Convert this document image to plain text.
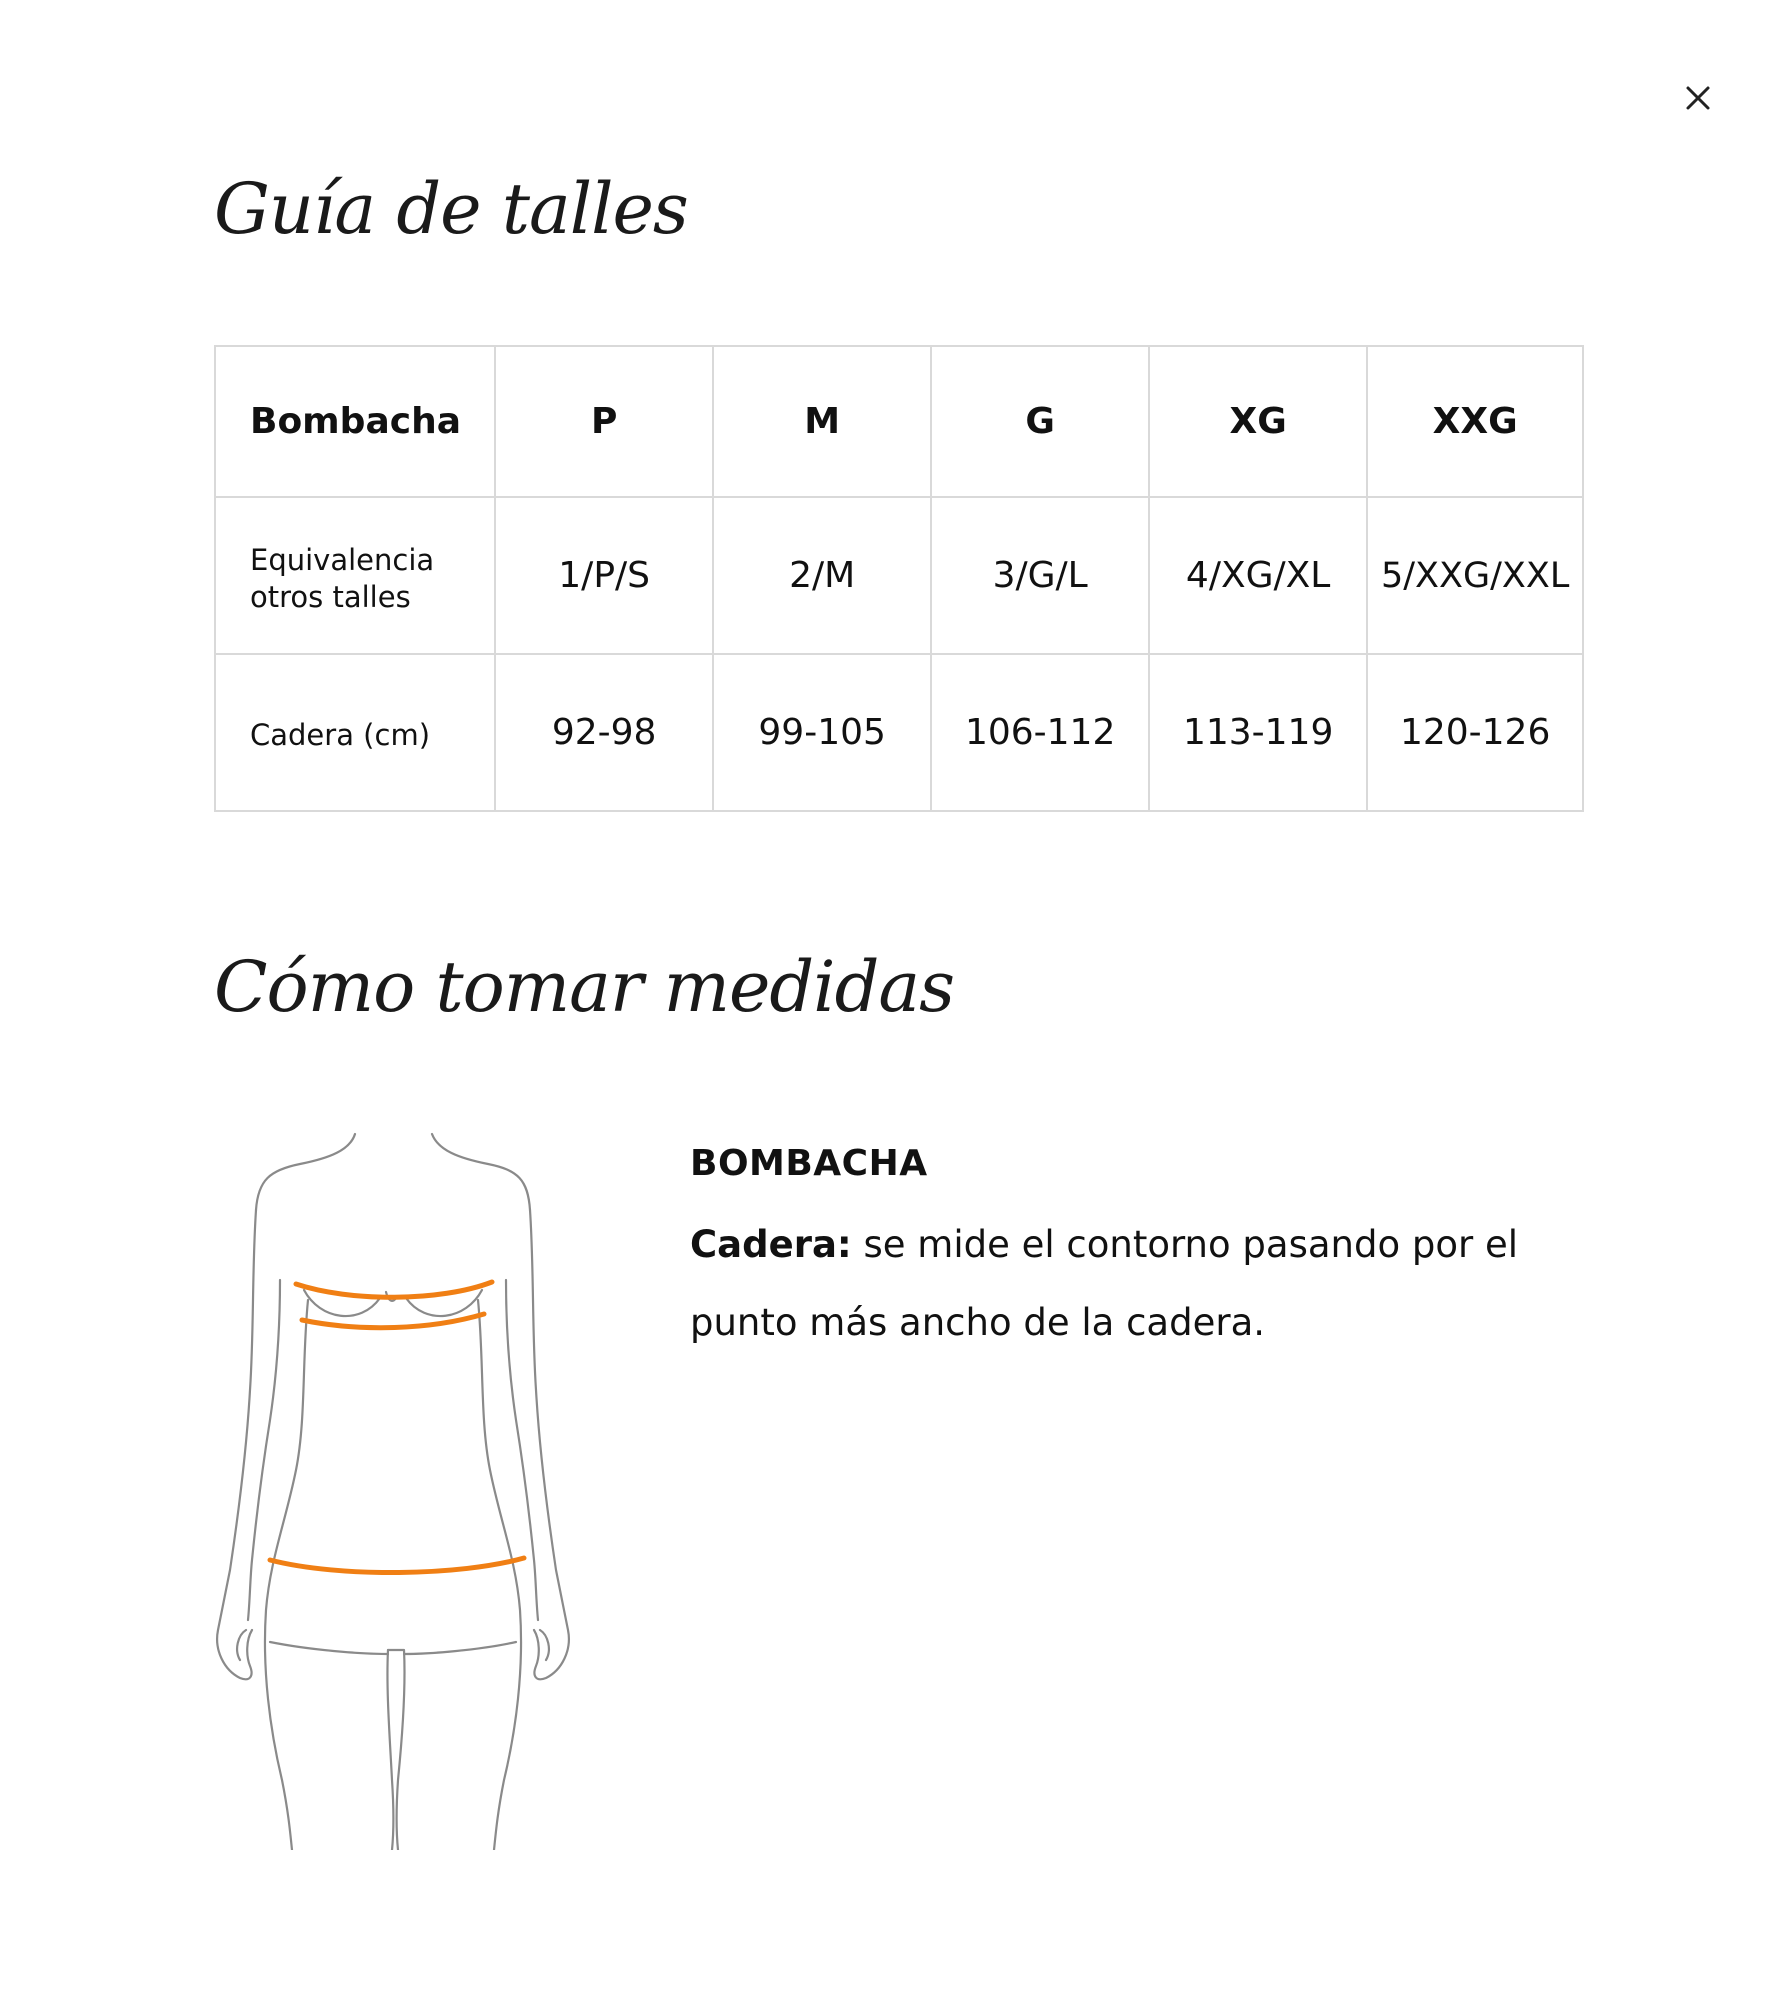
Guía de talles
Bombacha	P	M	G	XG	XXG
Equivalencia otros talles	1/P/S	2/M	3/G/L	4/XG/XL	5/XXG/XXL
Cadera (cm)	92-98	99-105	106-112	113-119	120-126
Cómo tomar medidas

BOMBACHA

Cadera: se mide el contorno pasando por el punto más ancho de la cadera.
